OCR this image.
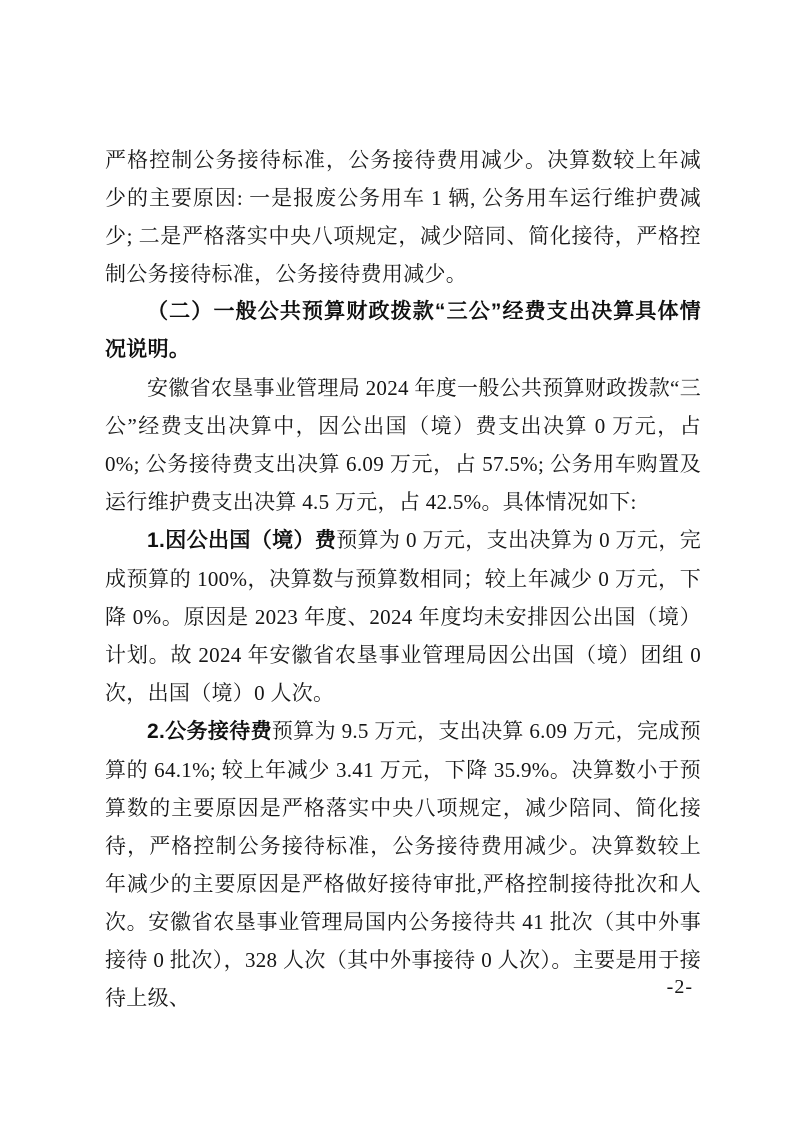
严格控制公务接待标准，公务接待费用减少。决算数较上年减少的主要原因: 一是报废公务用车 1 辆, 公务用车运行维护费减少; 二是严格落实中央八项规定，减少陪同、简化接待，严格控制公务接待标准，公务接待费用减少。

（二）一般公共预算财政拨款“三公”经费支出决算具体情况说明。

安徽省农垦事业管理局 2024 年度一般公共预算财政拨款“三公”经费支出决算中，因公出国（境）费支出决算 0 万元，占 0%; 公务接待费支出决算 6.09 万元，占 57.5%; 公务用车购置及运行维护费支出决算 4.5 万元，占 42.5%。具体情况如下:

1.因公出国（境）费预算为 0 万元，支出决算为 0 万元，完成预算的 100%，决算数与预算数相同；较上年减少 0 万元，下降 0%。原因是 2023 年度、2024 年度均未安排因公出国（境）计划。故 2024 年安徽省农垦事业管理局因公出国（境）团组 0 次，出国（境）0 人次。

2.公务接待费预算为 9.5 万元，支出决算 6.09 万元，完成预算的 64.1%; 较上年减少 3.41 万元，下降 35.9%。决算数小于预算数的主要原因是严格落实中央八项规定，减少陪同、简化接待，严格控制公务接待标准，公务接待费用减少。决算数较上年减少的主要原因是严格做好接待审批,严格控制接待批次和人次。安徽省农垦事业管理局国内公务接待共 41 批次（其中外事接待 0 批次），328 人次（其中外事接待 0 人次）。主要是用于接待上级、	-2-
